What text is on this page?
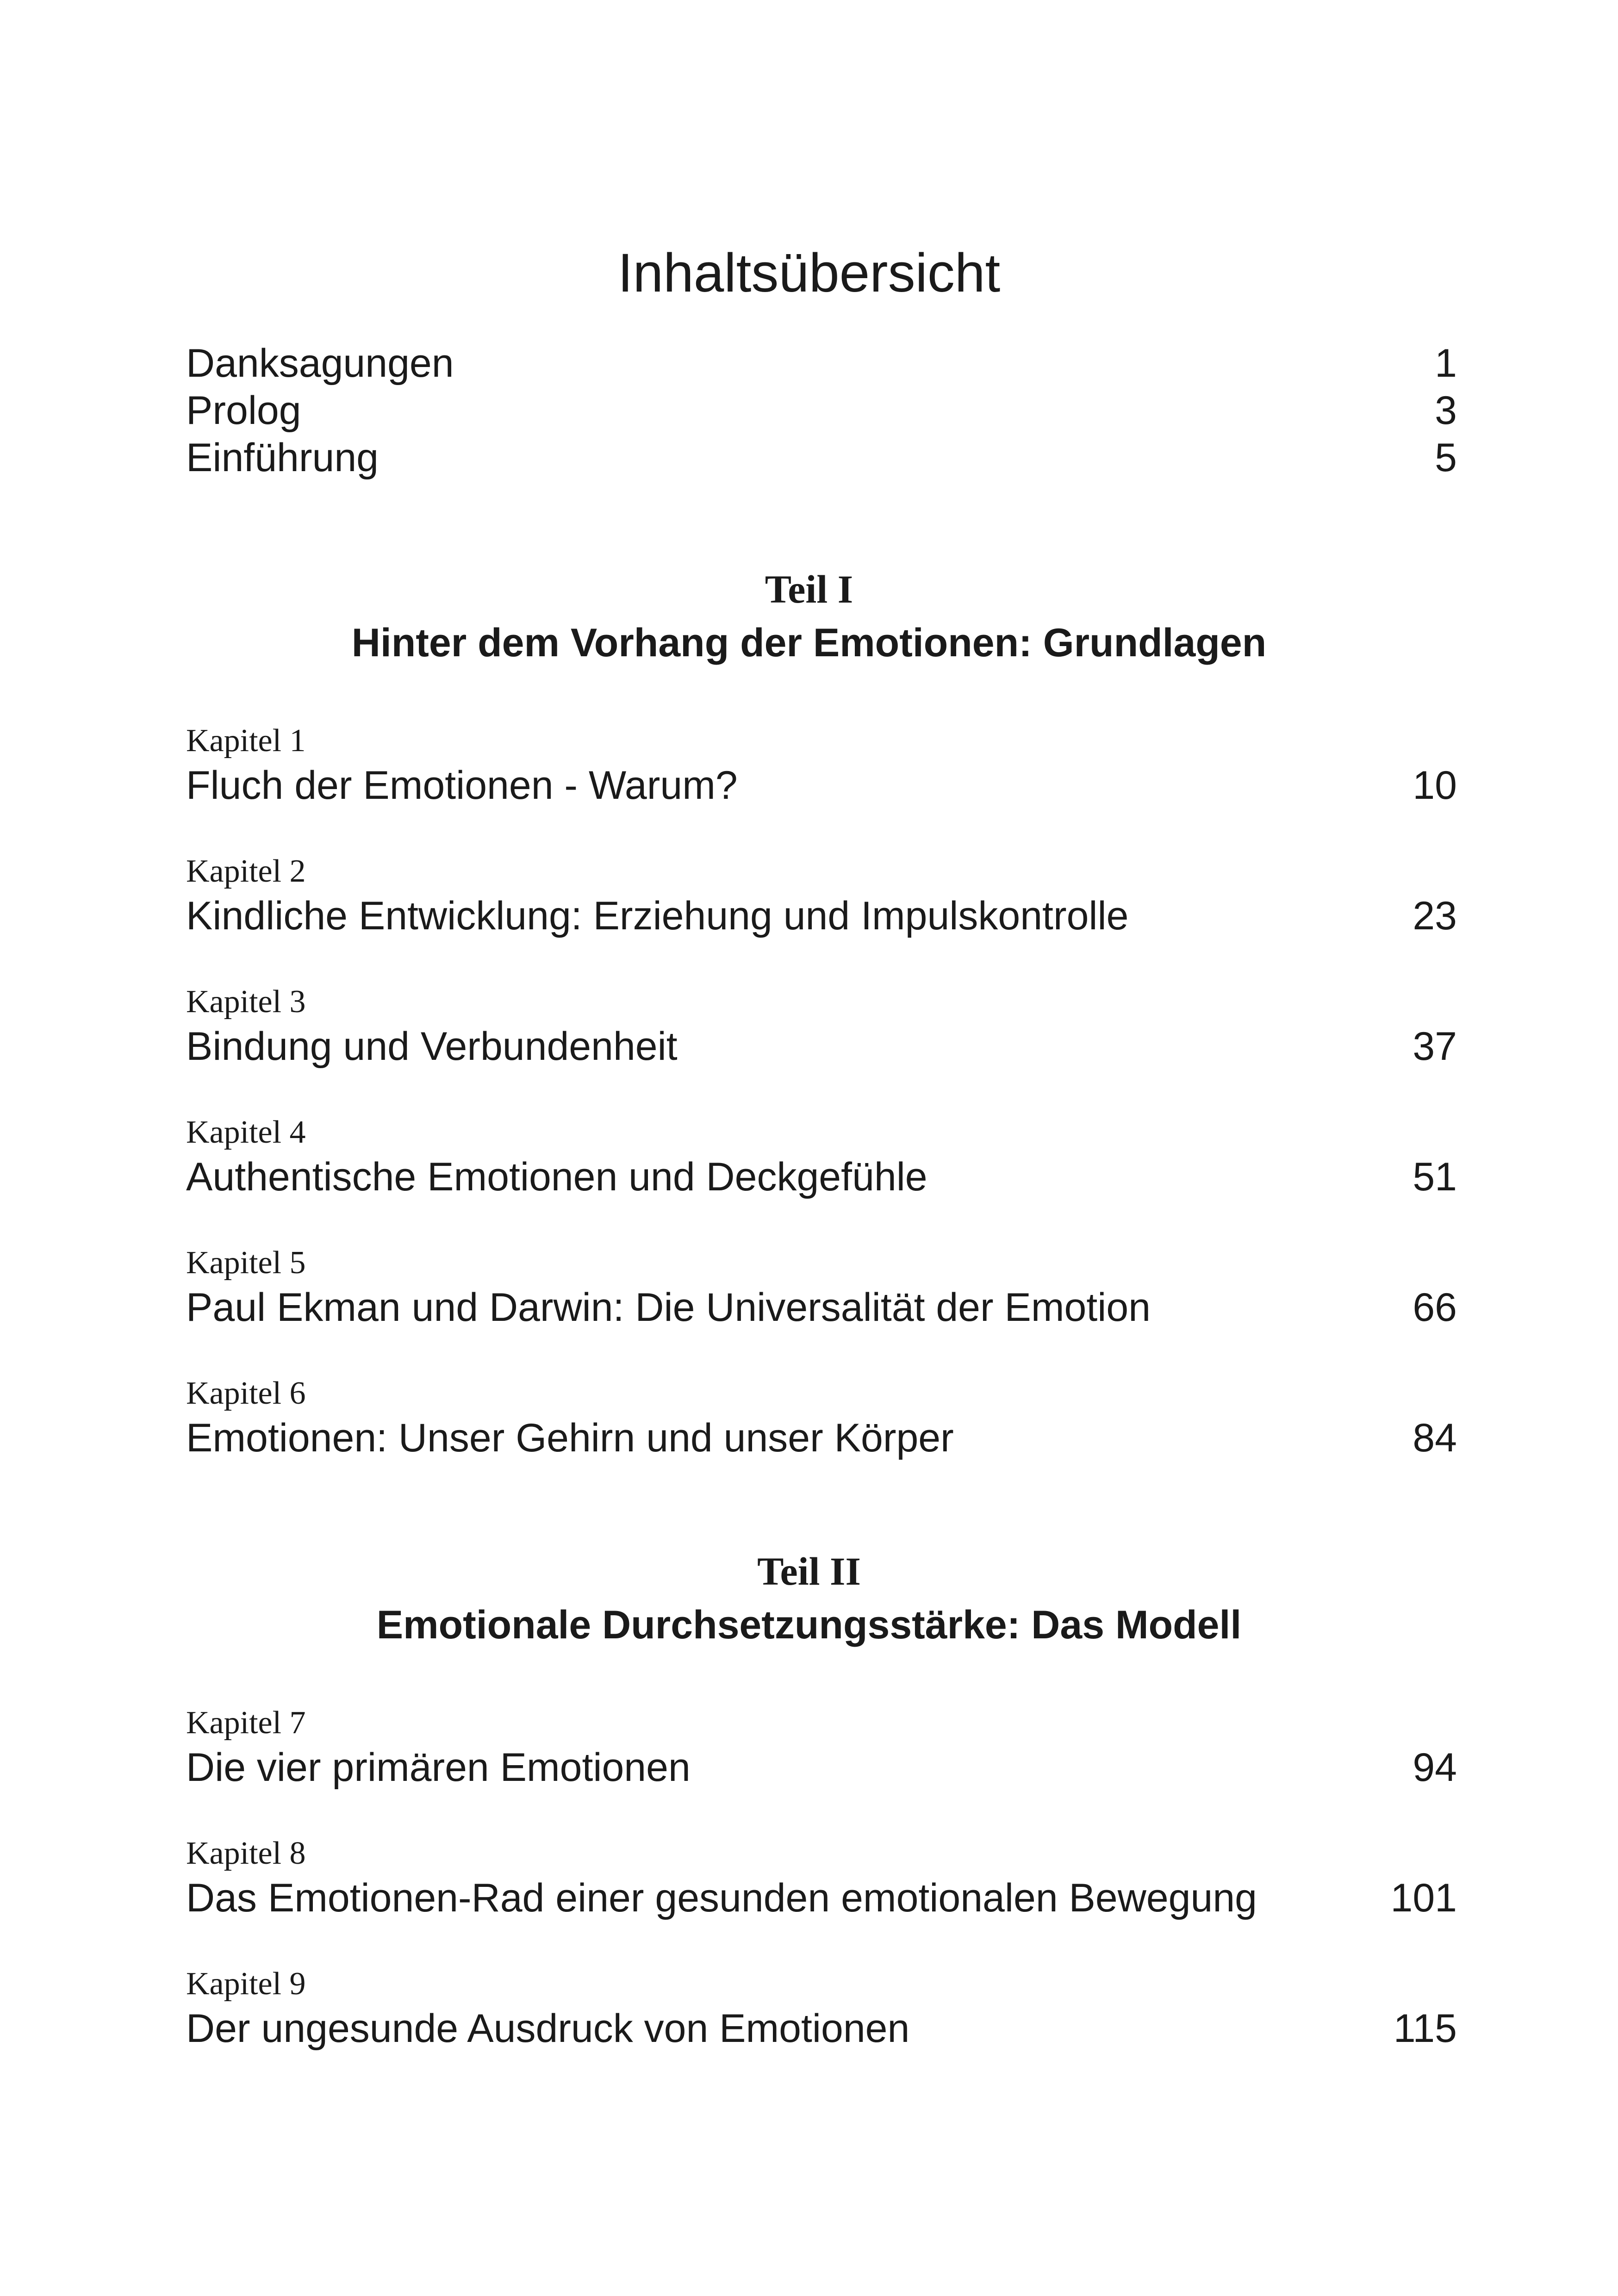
Inhaltsübersicht
Danksagungen	1
Prolog	3
Einführung	5
Teil I
Hinter dem Vorhang der Emotionen: Grundlagen
Kapitel 1
Fluch der Emotionen - Warum?	10
Kapitel 2
Kindliche Entwicklung: Erziehung und Impulskontrolle	23
Kapitel 3
Bindung und Verbundenheit	37
Kapitel 4
Authentische Emotionen und Deckgefühle	51
Kapitel 5
Paul Ekman und Darwin: Die Universalität der Emotion	66
Kapitel 6
Emotionen: Unser Gehirn und unser Körper	84
Teil II
Emotionale Durchsetzungsstärke: Das Modell
Kapitel 7
Die vier primären Emotionen	94
Kapitel 8
Das Emotionen-Rad einer gesunden emotionalen Bewegung	101
Kapitel 9
Der ungesunde Ausdruck von Emotionen	115
